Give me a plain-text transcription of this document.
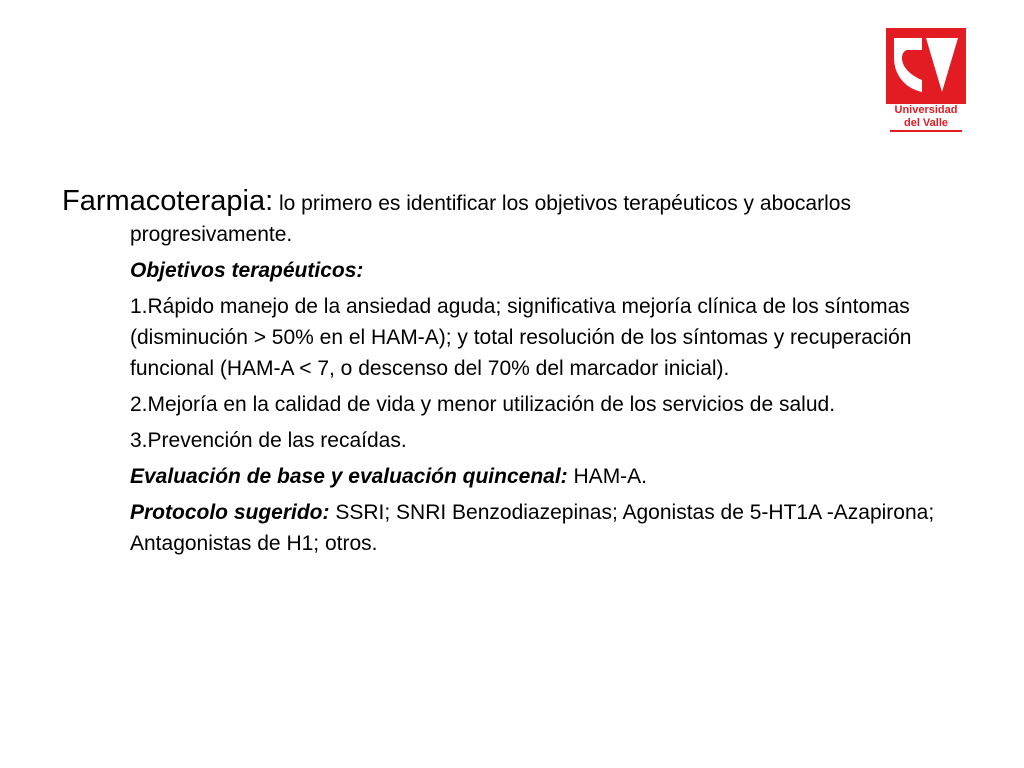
Universidad
del Valle

Farmacoterapia: lo primero es identificar los objetivos terapéuticos y abocarlos progresivamente.

Objetivos terapéuticos:

1.Rápido manejo de la ansiedad aguda; significativa mejoría clínica de los síntomas (disminución > 50% en el HAM-A); y total resolución de los síntomas y recuperación funcional (HAM-A < 7, o descenso del 70% del marcador inicial).

2.Mejoría en la calidad de vida y menor utilización de los servicios de salud.

3.Prevención de las recaídas.

Evaluación de base y evaluación quincenal: HAM-A.

Protocolo sugerido: SSRI; SNRI Benzodiazepinas; Agonistas de 5-HT1A -Azapirona; Antagonistas de H1; otros.
